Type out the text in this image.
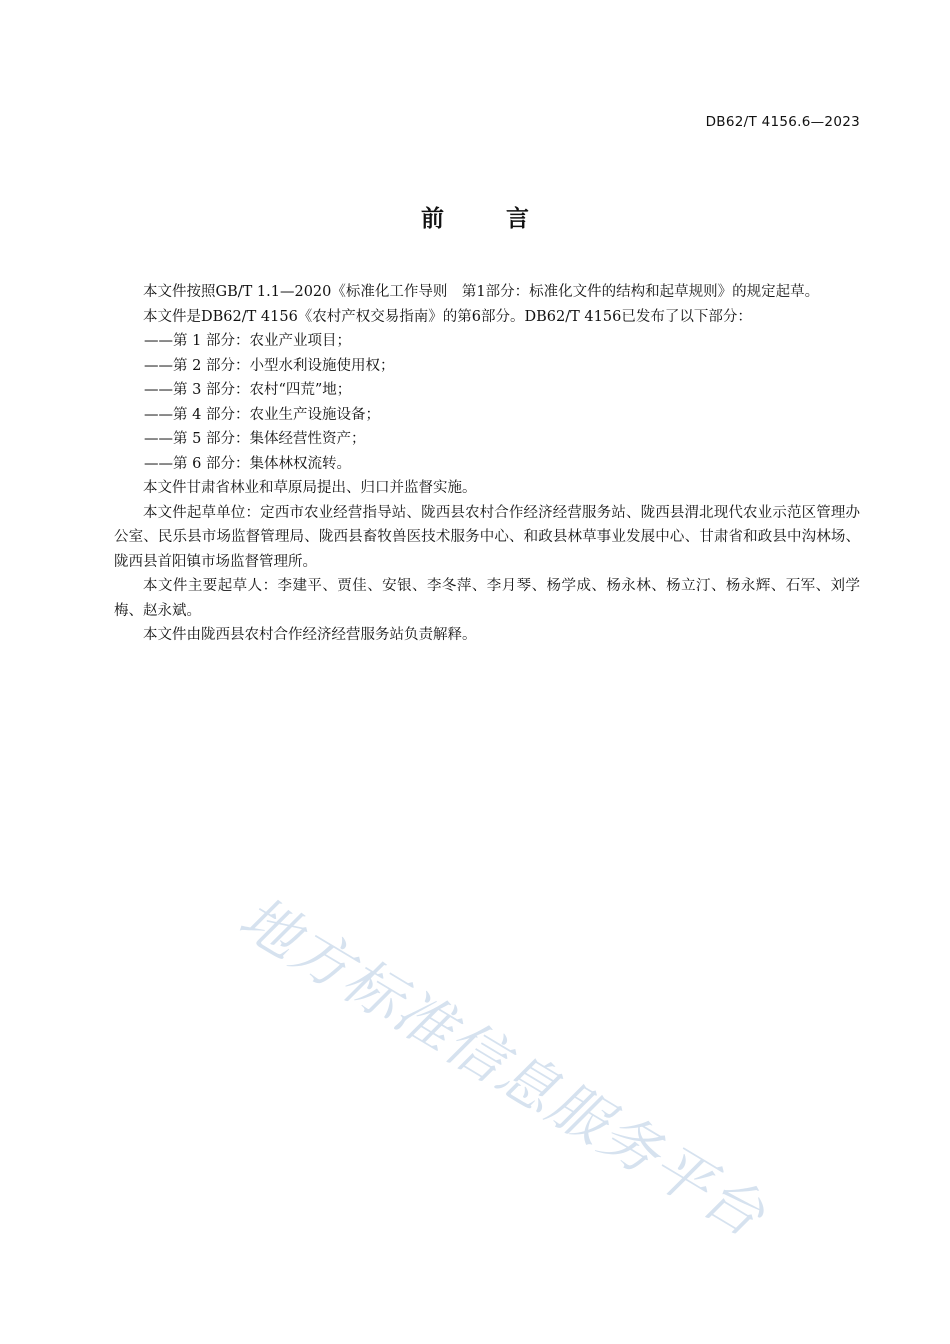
DB62/T 4156.6—2023
前言

本文件按照GB/T 1.1—2020《标准化工作导则　第1部分：标准化文件的结构和起草规则》的规定起草。

本文件是DB62/T 4156《农村产权交易指南》的第6部分。DB62/T 4156已发布了以下部分：

——第 1 部分：农业产业项目；

——第 2 部分：小型水利设施使用权；

——第 3 部分：农村“四荒”地；

——第 4 部分：农业生产设施设备；

——第 5 部分：集体经营性资产；

——第 6 部分：集体林权流转。

本文件甘肃省林业和草原局提出、归口并监督实施。

本文件起草单位：定西市农业经营指导站、陇西县农村合作经济经营服务站、陇西县渭北现代农业示范区管理办公室、民乐县市场监督管理局、陇西县畜牧兽医技术服务中心、和政县林草事业发展中心、甘肃省和政县中沟林场、陇西县首阳镇市场监督管理所。

本文件主要起草人：李建平、贾佳、安银、李冬萍、李月琴、杨学成、杨永林、杨立汀、杨永辉、石军、刘学梅、赵永斌。

本文件由陇西县农村合作经济经营服务站负责解释。

地方标准信息服务平台
